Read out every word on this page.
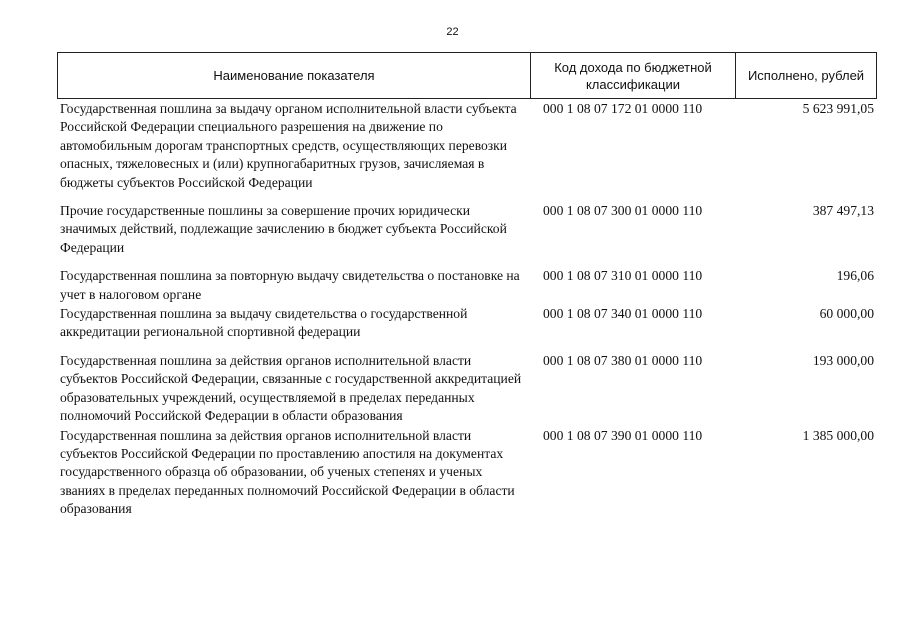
22
Наименование показателя
Код дохода по бюджетной классификации
Исполнено, рублей
Государственная пошлина за выдачу органом исполнительной власти субъекта Российской Федерации специального разрешения на движение по автомобильным дорогам транспортных средств, осуществляющих перевозки опасных, тяжеловесных и (или) крупногабаритных грузов, зачисляемая в бюджеты субъектов Российской Федерации
000 1 08 07 172 01 0000 110	5 623 991,05
Прочие государственные пошлины за совершение прочих юридически значимых действий, подлежащие зачислению в бюджет субъекта Российской Федерации
000 1 08 07 300 01 0000 110	387 497,13
Государственная пошлина за повторную выдачу свидетельства о постановке на учет в налоговом органе
000 1 08 07 310 01 0000 110	196,06
Государственная пошлина за выдачу свидетельства о государственной аккредитации региональной спортивной федерации
000 1 08 07 340 01 0000 110	60 000,00
Государственная пошлина за действия органов исполнительной власти субъектов Российской Федерации, связанные с государственной аккредитацией образовательных учреждений, осуществляемой в пределах переданных полномочий Российской Федерации в области образования
000 1 08 07 380 01 0000 110	193 000,00
Государственная пошлина за действия органов исполнительной власти субъектов Российской Федерации по проставлению апостиля на документах государственного образца об образовании, об ученых степенях и ученых званиях в пределах переданных полномочий Российской Федерации в области образования
000 1 08 07 390 01 0000 110	1 385 000,00
